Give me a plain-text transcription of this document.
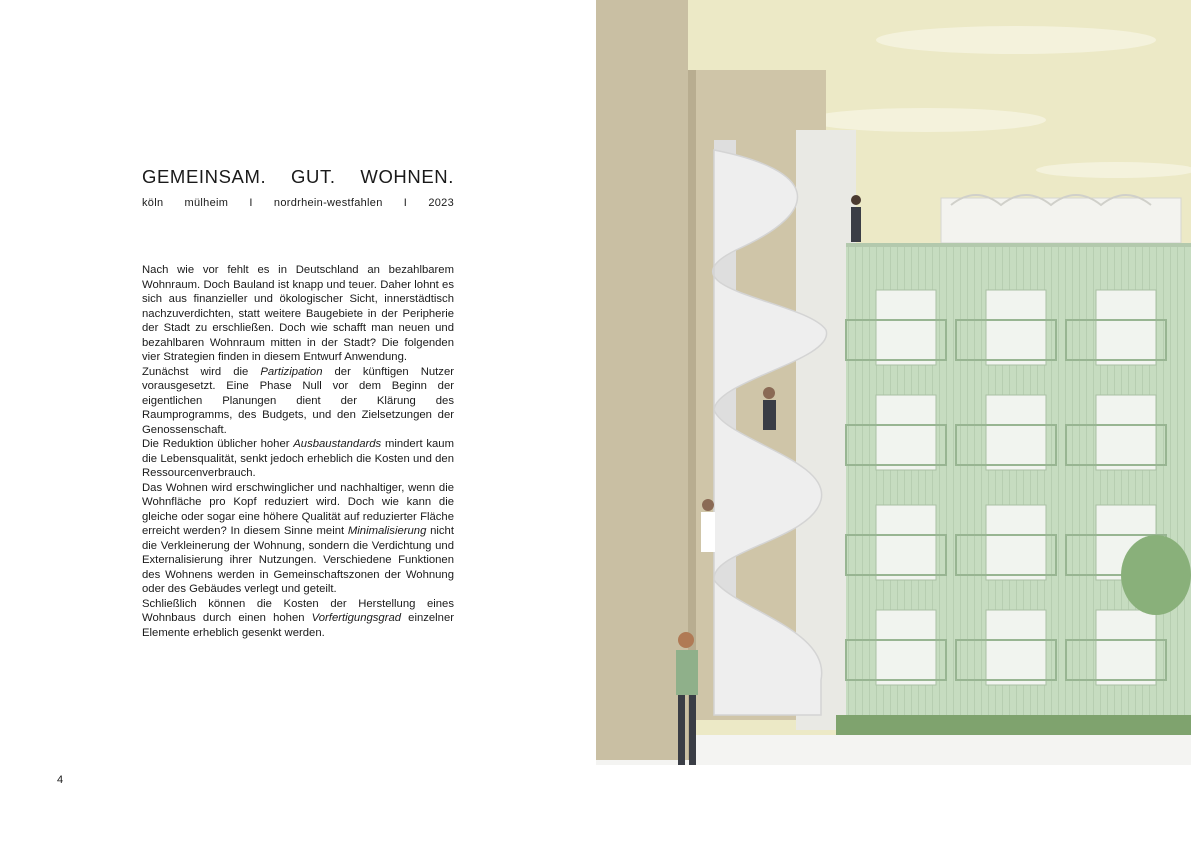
GEMEINSAM. GUT. WOHNEN.
köln mülheim I nordrhein-westfahlen I 2023

Nach wie vor fehlt es in Deutschland an bezahlbarem Wohnraum. Doch Bauland ist knapp und teuer. Daher lohnt es sich aus finanzieller und ökologischer Sicht, innerstädtisch nachzuverdichten, statt weitere Baugebiete in der Peripherie der Stadt zu erschließen. Doch wie schafft man neuen und bezahlbaren Wohnraum mitten in der Stadt? Die folgenden vier Strategien finden in diesem Entwurf Anwendung.

Zunächst wird die Partizipation der künftigen Nutzer vorausgesetzt. Eine Phase Null vor dem Beginn der eigentlichen Planungen dient der Klärung des Raumprogramms, des Budgets, und den Zielsetzungen der Genossenschaft.

Die Reduktion üblicher hoher Ausbaustandards mindert kaum die Lebensqualität, senkt jedoch erheblich die Kosten und den Ressourcenverbrauch.

Das Wohnen wird erschwinglicher und nachhaltiger, wenn die Wohnfläche pro Kopf reduziert wird. Doch wie kann die gleiche oder sogar eine höhere Qualität auf reduzierter Fläche erreicht werden? In diesem Sinne meint Minimalisierung nicht die Verkleinerung der Wohnung, sondern die Verdichtung und Externalisierung ihrer Nutzungen. Verschiedene Funktionen des Wohnens werden in Gemeinschaftszonen der Wohnung oder des Gebäudes verlegt und geteilt.

Schließlich können die Kosten der Herstellung eines Wohnbaus durch einen hohen Vorfertigungsgrad einzelner Elemente erheblich gesenkt werden.

4
